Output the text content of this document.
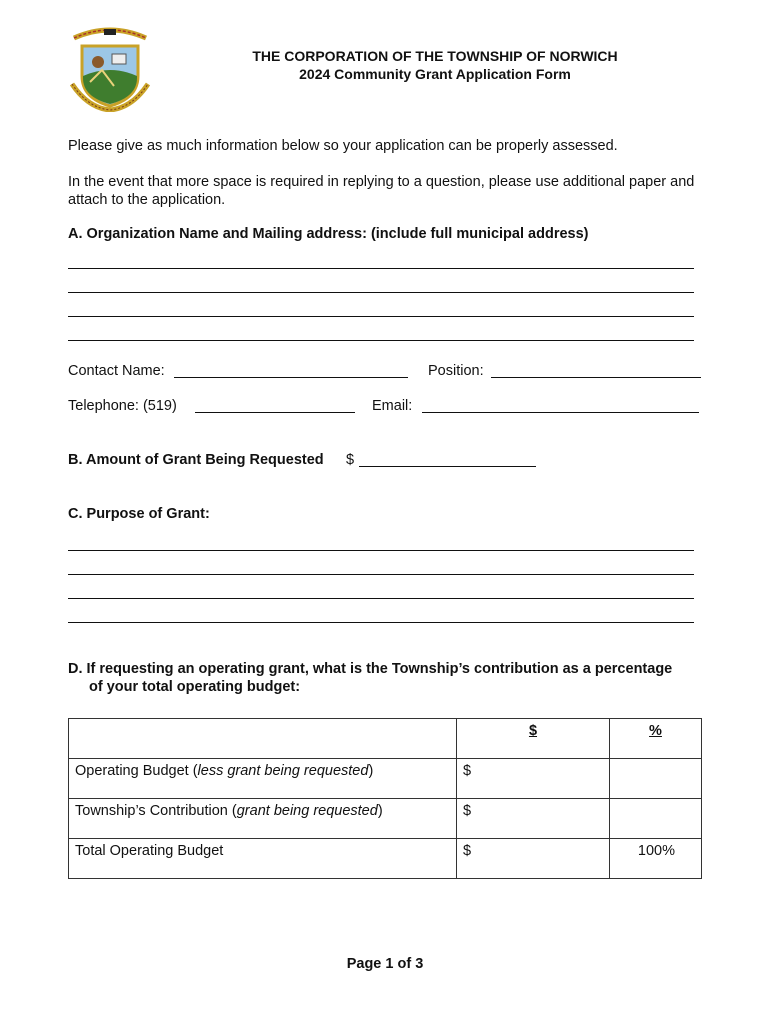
THE CORPORATION OF THE TOWNSHIP OF NORWICH
2024 Community Grant Application Form
Please give as much information below so your application can be properly assessed.
In the event that more space is required in replying to a question, please use additional paper and attach to the application.
A. Organization Name and Mailing address: (include full municipal address)
Contact Name:	Position:
Telephone: (519)	Email:
B. Amount of Grant Being Requested $
C. Purpose of Grant:
D. If requesting an operating grant, what is the Township’s contribution as a percentage
of your total operating budget:
	$	%
Operating Budget (less grant being requested)	$	
Township’s Contribution (grant being requested)	$	
Total Operating Budget	$	100%
Page 1 of 3
